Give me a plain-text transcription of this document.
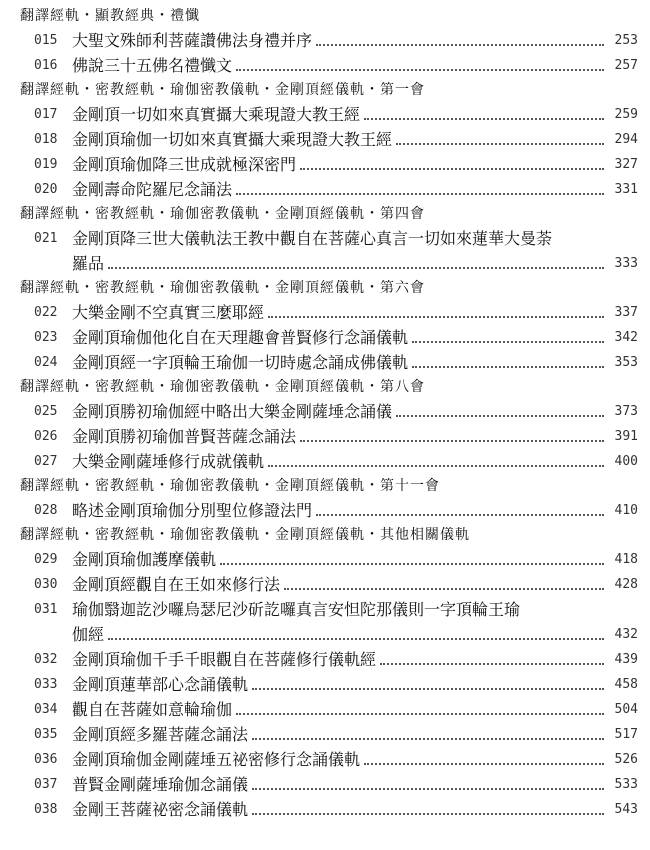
翻譯經軌・顯教經典・禮懺
015 大聖文殊師利菩薩讚佛法身禮并序	253
016 佛說三十五佛名禮懺文	257
翻譯經軌・密教經軌・瑜伽密教儀軌・金剛頂經儀軌・第一會
017 金剛頂一切如來真實攝大乘現證大教王經	259
018 金剛頂瑜伽一切如來真實攝大乘現證大教王經	294
019 金剛頂瑜伽降三世成就極深密門	327
020 金剛壽命陀羅尼念誦法	331
翻譯經軌・密教經軌・瑜伽密教儀軌・金剛頂經儀軌・第四會
021 金剛頂降三世大儀軌法王教中觀自在菩薩心真言一切如來蓮華大曼荼
羅品	333
翻譯經軌・密教經軌・瑜伽密教儀軌・金剛頂經儀軌・第六會
022 大樂金剛不空真實三麼耶經	337
023 金剛頂瑜伽他化自在天理趣會普賢修行念誦儀軌	342
024 金剛頂經一字頂輪王瑜伽一切時處念誦成佛儀軌	353
翻譯經軌・密教經軌・瑜伽密教儀軌・金剛頂經儀軌・第八會
025 金剛頂勝初瑜伽經中略出大樂金剛薩埵念誦儀	373
026 金剛頂勝初瑜伽普賢菩薩念誦法	391
027 大樂金剛薩埵修行成就儀軌	400
翻譯經軌・密教經軌・瑜伽密教儀軌・金剛頂經儀軌・第十一會
028 略述金剛頂瑜伽分別聖位修證法門	410
翻譯經軌・密教經軌・瑜伽密教儀軌・金剛頂經儀軌・其他相關儀軌
029 金剛頂瑜伽護摩儀軌	418
030 金剛頂經觀自在王如來修行法	428
031 瑜伽翳迦訖沙囉烏瑟尼沙斫訖囉真言安怛陀那儀則一字頂輪王瑜
伽經	432
032 金剛頂瑜伽千手千眼觀自在菩薩修行儀軌經	439
033 金剛頂蓮華部心念誦儀軌	458
034 觀自在菩薩如意輪瑜伽	504
035 金剛頂經多羅菩薩念誦法	517
036 金剛頂瑜伽金剛薩埵五祕密修行念誦儀軌	526
037 普賢金剛薩埵瑜伽念誦儀	533
038 金剛王菩薩祕密念誦儀軌	543
